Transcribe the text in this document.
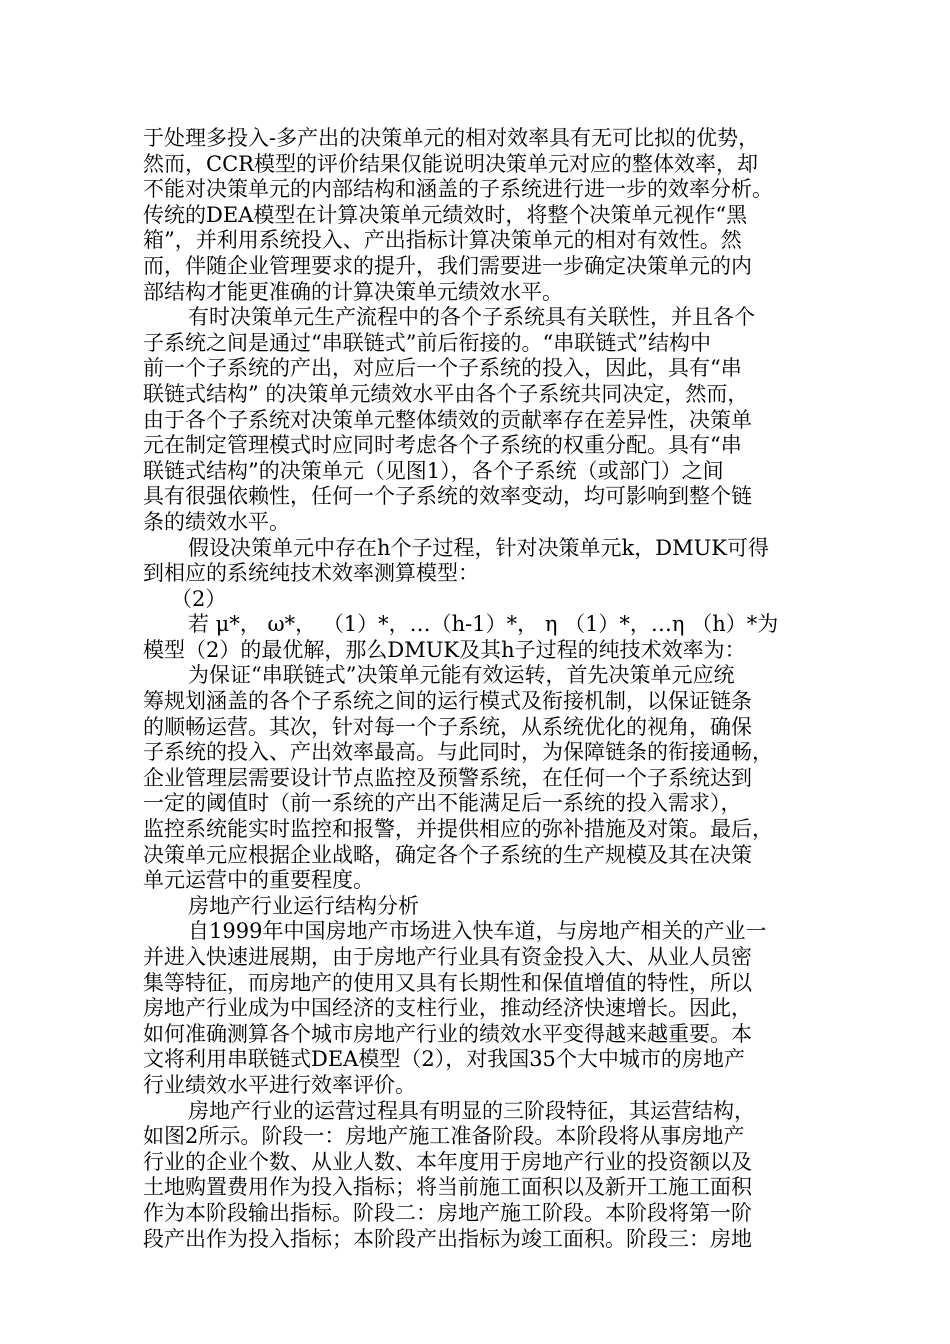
于处理多投入-多产出的决策单元的相对效率具有无可比拟的优势，
然而，CCR模型的评价结果仅能说明决策单元对应的整体效率，却
不能对决策单元的内部结构和涵盖的子系统进行进一步的效率分析。
传统的DEA模型在计算决策单元绩效时，将整个决策单元视作“黑
箱”，并利用系统投入、产出指标计算决策单元的相对有效性。然
而，伴随企业管理要求的提升，我们需要进一步确定决策单元的内
部结构才能更准确的计算决策单元绩效水平。
有时决策单元生产流程中的各个子系统具有关联性，并且各个
子系统之间是通过“串联链式”前后衔接的。“串联链式”结构中
前一个子系统的产出，对应后一个子系统的投入，因此，具有“串
联链式结构” 的决策单元绩效水平由各个子系统共同决定，然而，
由于各个子系统对决策单元整体绩效的贡献率存在差异性，决策单
元在制定管理模式时应同时考虑各个子系统的权重分配。具有“串
联链式结构”的决策单元（见图1），各个子系统（或部门）之间
具有很强依赖性，任何一个子系统的效率变动，均可影响到整个链
条的绩效水平。
假设决策单元中存在h个子过程，针对决策单元k，DMUK可得
到相应的系统纯技术效率测算模型：
（2）
若 μ*， ω*， （1）*，…（h-1）*， η （1）*，…η （h）*为
模型（2）的最优解，那么DMUK及其h子过程的纯技术效率为：
为保证“串联链式”决策单元能有效运转，首先决策单元应统
筹规划涵盖的各个子系统之间的运行模式及衔接机制，以保证链条
的顺畅运营。其次，针对每一个子系统，从系统优化的视角，确保
子系统的投入、产出效率最高。与此同时，为保障链条的衔接通畅，
企业管理层需要设计节点监控及预警系统，在任何一个子系统达到
一定的阈值时（前一系统的产出不能满足后一系统的投入需求），
监控系统能实时监控和报警，并提供相应的弥补措施及对策。最后，
决策单元应根据企业战略，确定各个子系统的生产规模及其在决策
单元运营中的重要程度。
房地产行业运行结构分析
自1999年中国房地产市场进入快车道，与房地产相关的产业一
并进入快速进展期，由于房地产行业具有资金投入大、从业人员密
集等特征，而房地产的使用又具有长期性和保值增值的特性，所以
房地产行业成为中国经济的支柱行业，推动经济快速增长。因此，
如何准确测算各个城市房地产行业的绩效水平变得越来越重要。本
文将利用串联链式DEA模型（2），对我国35个大中城市的房地产
行业绩效水平进行效率评价。
房地产行业的运营过程具有明显的三阶段特征，其运营结构，
如图2所示。阶段一：房地产施工准备阶段。本阶段将从事房地产
行业的企业个数、从业人数、本年度用于房地产行业的投资额以及
土地购置费用作为投入指标；将当前施工面积以及新开工施工面积
作为本阶段输出指标。阶段二：房地产施工阶段。本阶段将第一阶
段产出作为投入指标；本阶段产出指标为竣工面积。阶段三：房地
